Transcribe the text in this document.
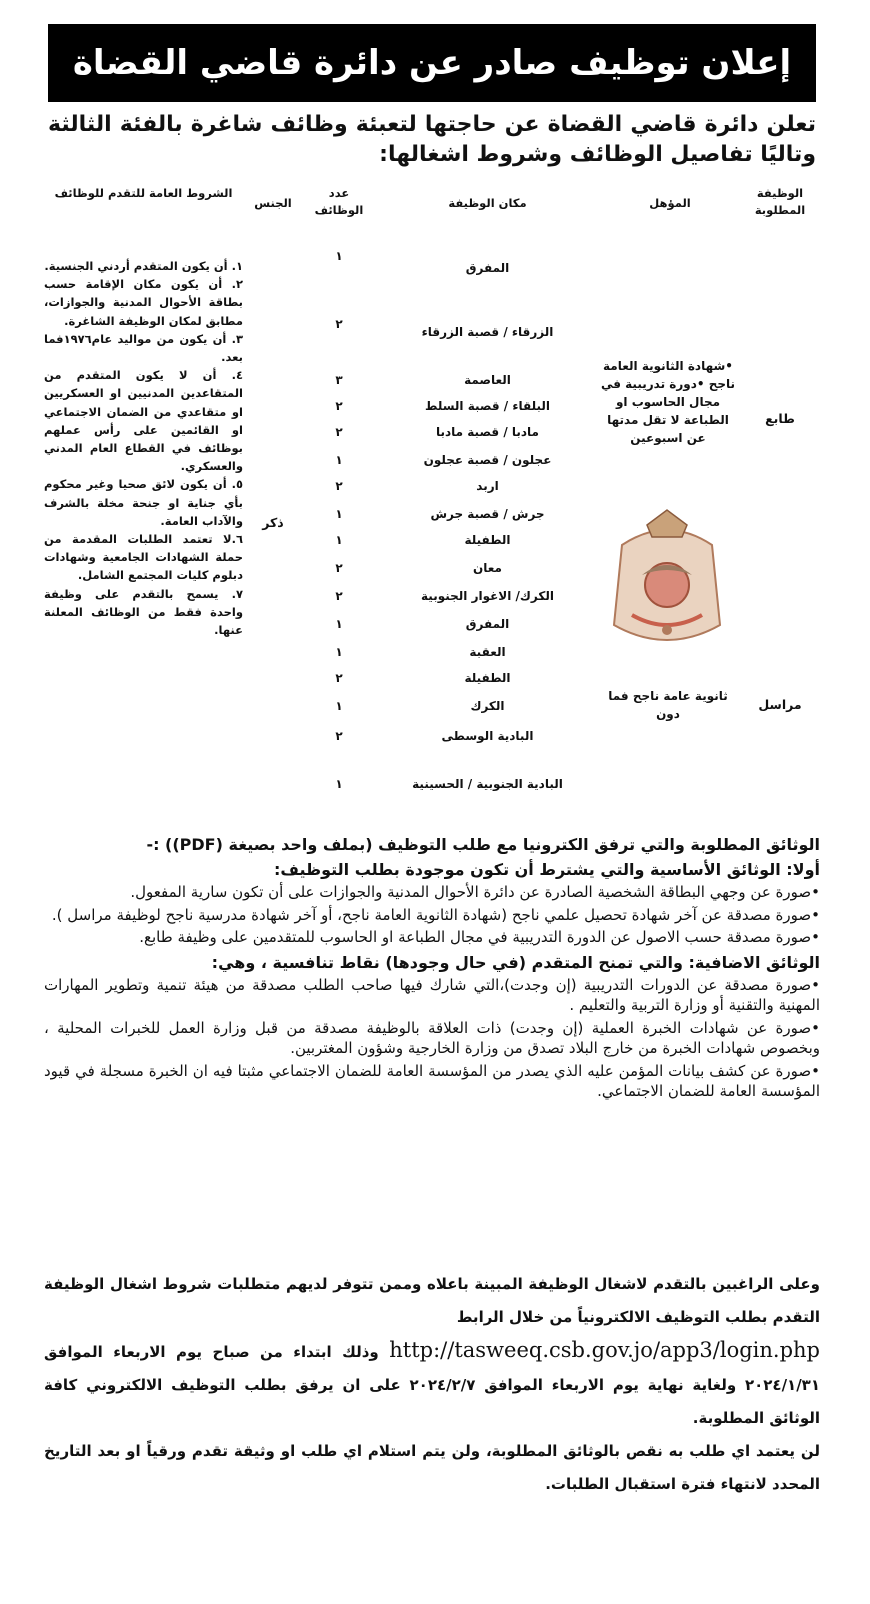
إعلان توظيف صادر عن دائرة قاضي القضاة
تعلن دائرة قاضي القضاة عن حاجتها لتعبئة وظائف شاغرة بالفئة الثالثة وتاليًا تفاصيل الوظائف وشروط اشغالها:
الوظيفة المطلوبة
المؤهل
مكان الوظيفة
عدد الوظائف
الجنس
الشروط العامة للتقدم للوظائف
طابع
•شهادة الثانوية العامة ناجح •دورة تدريبية في مجال الحاسوب او الطباعة لا تقل مدتها عن اسبوعين
مراسل
ثانوية عامة ناجح فما دون
المفرق
١
الزرقاء / قصبة الزرقاء
٢
العاصمة
٣
البلقاء / قصبة السلط
٢
مادبا / قصبة مادبا
٢
عجلون / قصبة عجلون
١
اربد
٢
جرش / قصبة جرش
١
الطفيلة
١
معان
٢
الكرك/ الاغوار الجنوبية
٢
المفرق
١
العقبة
١
الطفيلة
٢
الكرك
١
البادية الوسطى
٢
البادية الجنوبية / الحسينية
١
ذكر
١. أن يكون المتقدم أردني الجنسية.
٢. أن يكون مكان الإقامة حسب بطاقة الأحوال المدنية والجوازات، مطابق لمكان الوظيفة الشاغرة.
٣. أن يكون من مواليد عام١٩٧٦فما بعد.
٤. أن لا يكون المتقدم من المتقاعدين المدنيين او العسكريين او متقاعدي من الضمان الاجتماعي او القائمين على رأس عملهم بوظائف في القطاع العام المدني والعسكري.
٥. أن يكون لائق صحيا وغير محكوم بأي جناية او جنحة مخلة بالشرف والآداب العامة.
٦.لا تعتمد الطلبات المقدمة من حملة الشهادات الجامعية وشهادات دبلوم كليات المجتمع الشامل.
٧. يسمح بالتقدم على وظيفة واحدة فقط من الوظائف المعلنة عنها.
الوثائق المطلوبة والتي ترفق الكترونيا مع طلب التوظيف (بملف واحد بصيغة (PDF)) :-
أولا: الوثائق الأساسية والتي يشترط أن تكون موجودة بطلب التوظيف:
•صورة عن وجهي البطاقة الشخصية الصادرة عن دائرة الأحوال المدنية والجوازات على أن تكون سارية المفعول.
•صورة مصدقة عن آخر شهادة تحصيل علمي ناجح (شهادة الثانوية العامة ناجح، أو آخر شهادة مدرسية ناجح لوظيفة مراسل ).
•صورة مصدقة حسب الاصول عن الدورة التدريبية في مجال الطباعة او الحاسوب للمتقدمين على وظيفة طابع.
الوثائق الاضافية: والتي تمنح المتقدم (في حال وجودها) نقاط تنافسية ، وهي:
•صورة مصدقة عن الدورات التدريبية (إن وجدت)،التي شارك فيها صاحب الطلب مصدقة من هيئة تنمية وتطوير المهارات المهنية والتقنية أو وزارة التربية والتعليم .
•صورة عن شهادات الخبرة العملية (إن وجدت) ذات العلاقة بالوظيفة مصدقة من قبل وزارة العمل للخبرات المحلية ، وبخصوص شهادات الخبرة من خارج البلاد تصدق من وزارة الخارجية وشؤون المغتربين.
•صورة عن كشف بيانات المؤمن عليه الذي يصدر من المؤسسة العامة للضمان الاجتماعي مثبتا فيه ان الخبرة مسجلة في قيود المؤسسة العامة للضمان الاجتماعي.
وعلى الراغبين بالتقدم لاشغال الوظيفة المبينة باعلاه وممن تتوفر لديهم متطلبات شروط اشغال الوظيفة التقدم بطلب التوظيف الالكترونياً من خلال الرابط
http://tasweeq.csb.gov.jo/app3/login.php وذلك ابتداء من صباح يوم الاربعاء الموافق ٢٠٢٤/١/٣١ ولغاية نهاية يوم الاربعاء الموافق ٢٠٢٤/٢/٧ على ان يرفق بطلب التوظيف الالكتروني كافة الوثائق المطلوبة.
لن يعتمد اي طلب به نقص بالوثائق المطلوبة، ولن يتم استلام اي طلب او وثيقة تقدم ورقياً او بعد التاريخ المحدد لانتهاء فترة استقبال الطلبات.
